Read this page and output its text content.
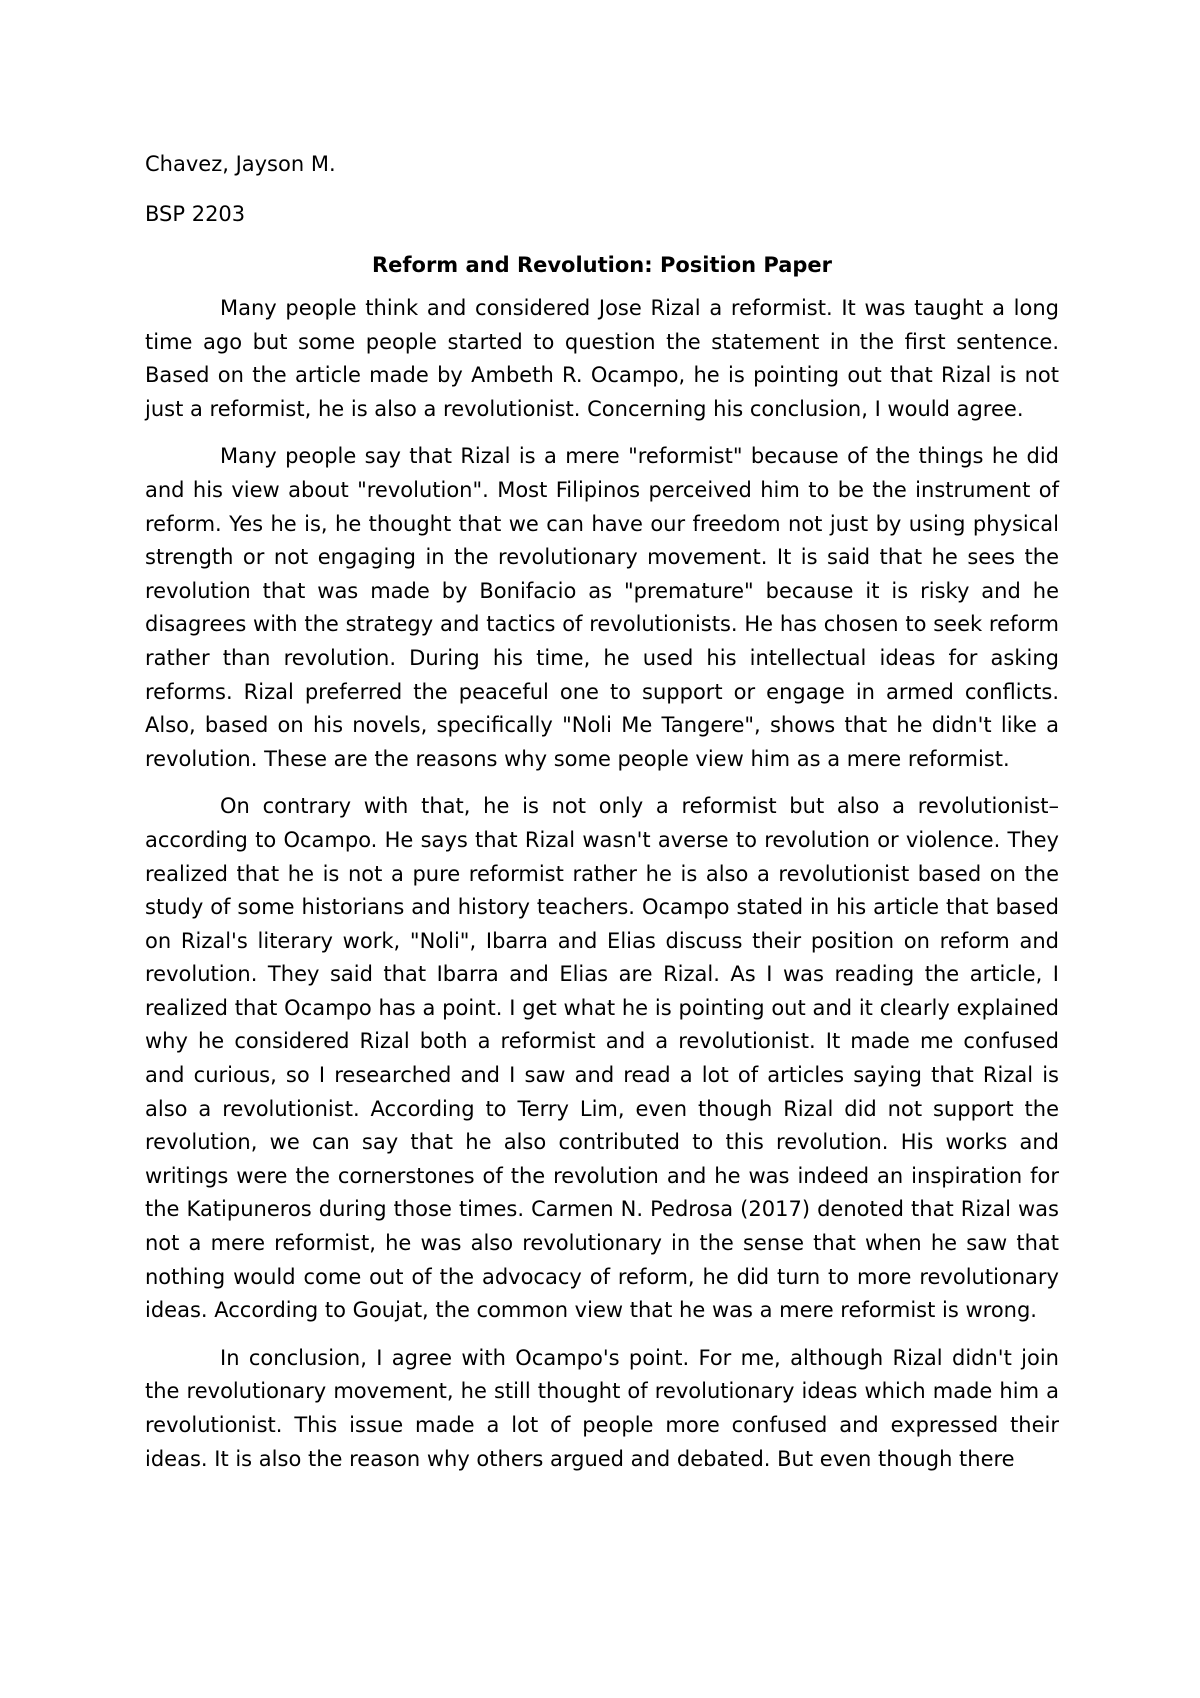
Chavez, Jayson M.

BSP 2203

Reform and Revolution: Position Paper

Many people think and considered Jose Rizal a reformist. It was taught a long time ago but some people started to question the statement in the first sentence. Based on the article made by Ambeth R. Ocampo, he is pointing out that Rizal is not just a reformist, he is also a revolutionist. Concerning his conclusion, I would agree.

Many people say that Rizal is a mere "reformist" because of the things he did and his view about "revolution". Most Filipinos perceived him to be the instrument of reform. Yes he is, he thought that we can have our freedom not just by using physical strength or not engaging in the revolutionary movement. It is said that he sees the revolution that was made by Bonifacio as "premature" because it is risky and he disagrees with the strategy and tactics of revolutionists. He has chosen to seek reform rather than revolution. During his time, he used his intellectual ideas for asking reforms. Rizal preferred the peaceful one to support or engage in armed conflicts. Also, based on his novels, specifically "Noli Me Tangere", shows that he didn't like a revolution. These are the reasons why some people view him as a mere reformist.

On contrary with that, he is not only a reformist but also a revolutionist– according to Ocampo. He says that Rizal wasn't averse to revolution or violence. They realized that he is not a pure reformist rather he is also a revolutionist based on the study of some historians and history teachers. Ocampo stated in his article that based on Rizal's literary work, "Noli", Ibarra and Elias discuss their position on reform and revolution. They said that Ibarra and Elias are Rizal. As I was reading the article, I realized that Ocampo has a point. I get what he is pointing out and it clearly explained why he considered Rizal both a reformist and a revolutionist. It made me confused and curious, so I researched and I saw and read a lot of articles saying that Rizal is also a revolutionist. According to Terry Lim, even though Rizal did not support the revolution, we can say that he also contributed to this revolution. His works and writings were the cornerstones of the revolution and he was indeed an inspiration for the Katipuneros during those times. Carmen N. Pedrosa (2017) denoted that Rizal was not a mere reformist, he was also revolutionary in the sense that when he saw that nothing would come out of the advocacy of reform, he did turn to more revolutionary ideas. According to Goujat, the common view that he was a mere reformist is wrong.

In conclusion, I agree with Ocampo's point. For me, although Rizal didn't join the revolutionary movement, he still thought of revolutionary ideas which made him a revolutionist. This issue made a lot of people more confused and expressed their ideas. It is also the reason why others argued and debated. But even though there
